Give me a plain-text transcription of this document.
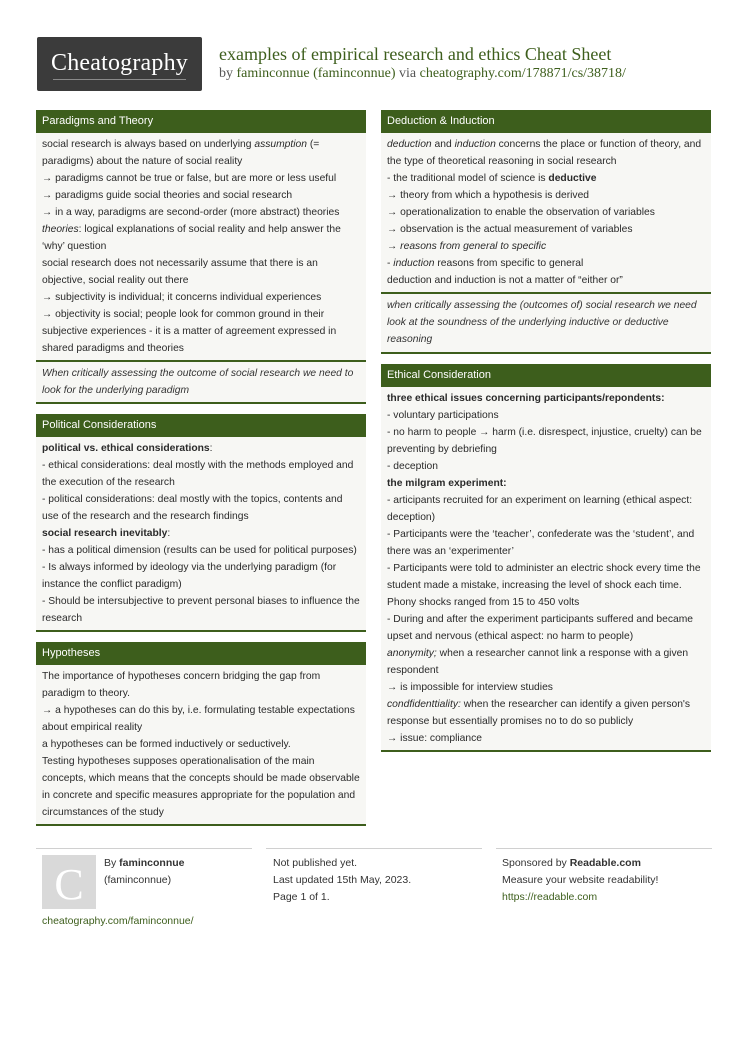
Cheatography	examples of empirical research and ethics Cheat Sheet
by faminconnue (faminconnue) via cheatography.com/178871/cs/38718/
Paradigms and Theory

social research is always based on underlying assumption (= paradigms) about the nature of social reality

→ paradigms cannot be true or false, but are more or less useful

→ paradigms guide social theories and social research

→ in a way, paradigms are second-order (more abstract) theories

theories: logical explanations of social reality and help answer the ‘why’ question

social research does not necessarily assume that there is an objective, social reality out there

→ subjectivity is individual; it concerns individual experiences

→ objectivity is social; people look for common ground in their subjective experiences - it is a matter of agreement expressed in shared paradigms and theories

When critically assessing the outcome of social research we need to look for the underlying paradigm
Political Considerations

political vs. ethical considerations:

- ethical considerations: deal mostly with the methods employed and the execution of the research

- political considerations: deal mostly with the topics, contents and use of the research and the research findings

social research inevitably:

- has a political dimension (results can be used for political purposes)

- Is always informed by ideology via the underlying paradigm (for instance the conflict paradigm)

- Should be intersubjective to prevent personal biases to influence the research

Hypotheses

The importance of hypotheses concern bridging the gap from paradigm to theory.

→ a hypotheses can do this by, i.e. formulating testable expectations about empirical reality

a hypotheses can be formed inductively or seductively.

Testing hypotheses supposes operationalisation of the main concepts, which means that the concepts should be made observable in concrete and specific measures appropriate for the population and circumstances of the study

Deduction & Induction

deduction and induction concerns the place or function of theory, and the type of theoretical reasoning in social research

- the traditional model of science is deductive

→ theory from which a hypothesis is derived

→ operationalization to enable the observation of variables

→ observation is the actual measurement of variables

→ reasons from general to specific

- induction reasons from specific to general

deduction and induction is not a matter of “either or”

when critically assessing the (outcomes of) social research we need look at the soundness of the underlying inductive or deductive reasoning
Ethical Consideration

three ethical issues concerning participants/repondents:

- voluntary participations

- no harm to people → harm (i.e. disrespect, injustice, cruelty) can be preventing by debriefing

- deception

the milgram experiment:

- articipants recruited for an experiment on learning (ethical aspect: deception)

- Participants were the ‘teacher’, confederate was the ‘student’, and there was an ‘experimenter’

- Participants were told to administer an electric shock every time the student made a mistake, increasing the level of shock each time. Phony shocks ranged from 15 to 450 volts

- During and after the experiment participants suffered and became upset and nervous (ethical aspect: no harm to people)

anonymity; when a researcher cannot link a response with a given respondent

→ is impossible for interview studies

condfidenttiality: when the researcher can identify a given person's response but essentially promises no to do so publicly

→ issue: compliance

C	By faminconnue
(faminconnue)
cheatography.com/faminconnue/
Not published yet.
Last updated 15th May, 2023.
Page 1 of 1.
Sponsored by Readable.com
Measure your website readability!
https://readable.com
